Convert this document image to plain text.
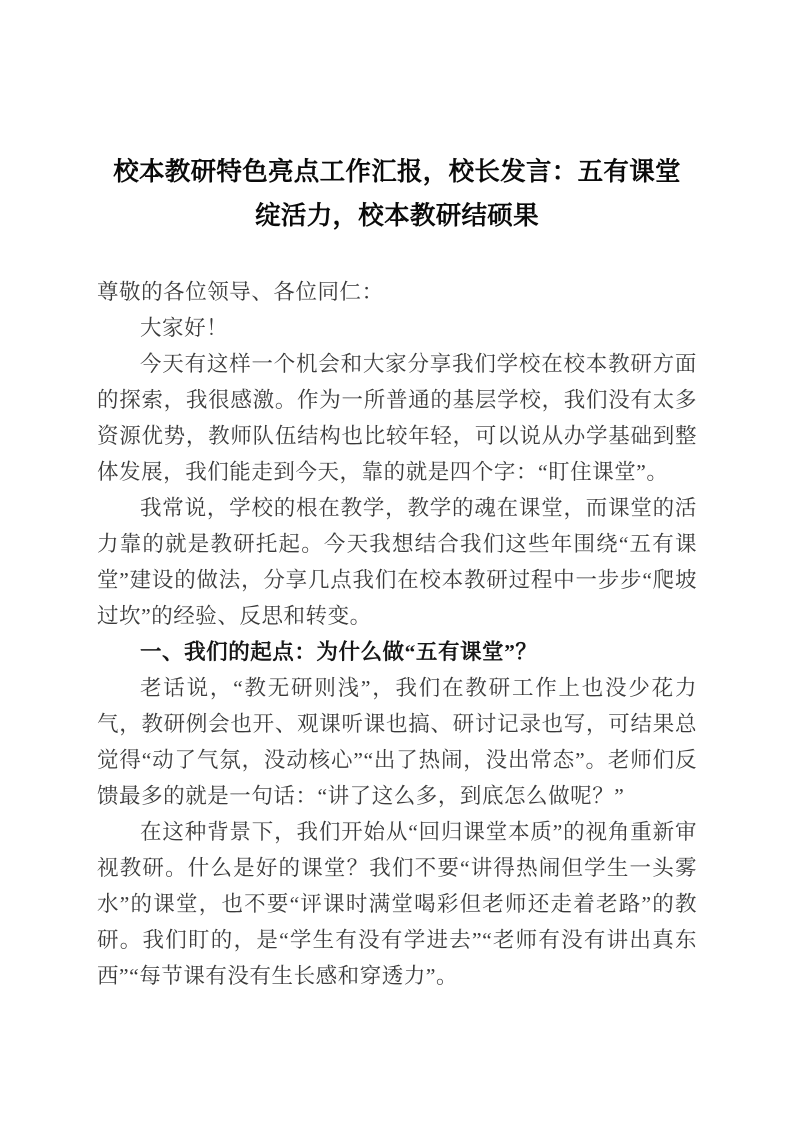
校本教研特色亮点工作汇报，校长发言：五有课堂绽活力，校本教研结硕果

尊敬的各位领导、各位同仁：

大家好！

今天有这样一个机会和大家分享我们学校在校本教研方面的探索，我很感激。作为一所普通的基层学校，我们没有太多资源优势，教师队伍结构也比较年轻，可以说从办学基础到整体发展，我们能走到今天，靠的就是四个字：“盯住课堂”。

我常说，学校的根在教学，教学的魂在课堂，而课堂的活力靠的就是教研托起。今天我想结合我们这些年围绕“五有课堂”建设的做法，分享几点我们在校本教研过程中一步步“爬坡过坎”的经验、反思和转变。

一、我们的起点：为什么做“五有课堂”？

老话说，“教无研则浅”，我们在教研工作上也没少花力气，教研例会也开、观课听课也搞、研讨记录也写，可结果总觉得“动了气氛，没动核心”“出了热闹，没出常态”。老师们反馈最多的就是一句话：“讲了这么多，到底怎么做呢？”

在这种背景下，我们开始从“回归课堂本质”的视角重新审视教研。什么是好的课堂？我们不要“讲得热闹但学生一头雾水”的课堂，也不要“评课时满堂喝彩但老师还走着老路”的教研。我们盯的，是“学生有没有学进去”“老师有没有讲出真东西”“每节课有没有生长感和穿透力”。
